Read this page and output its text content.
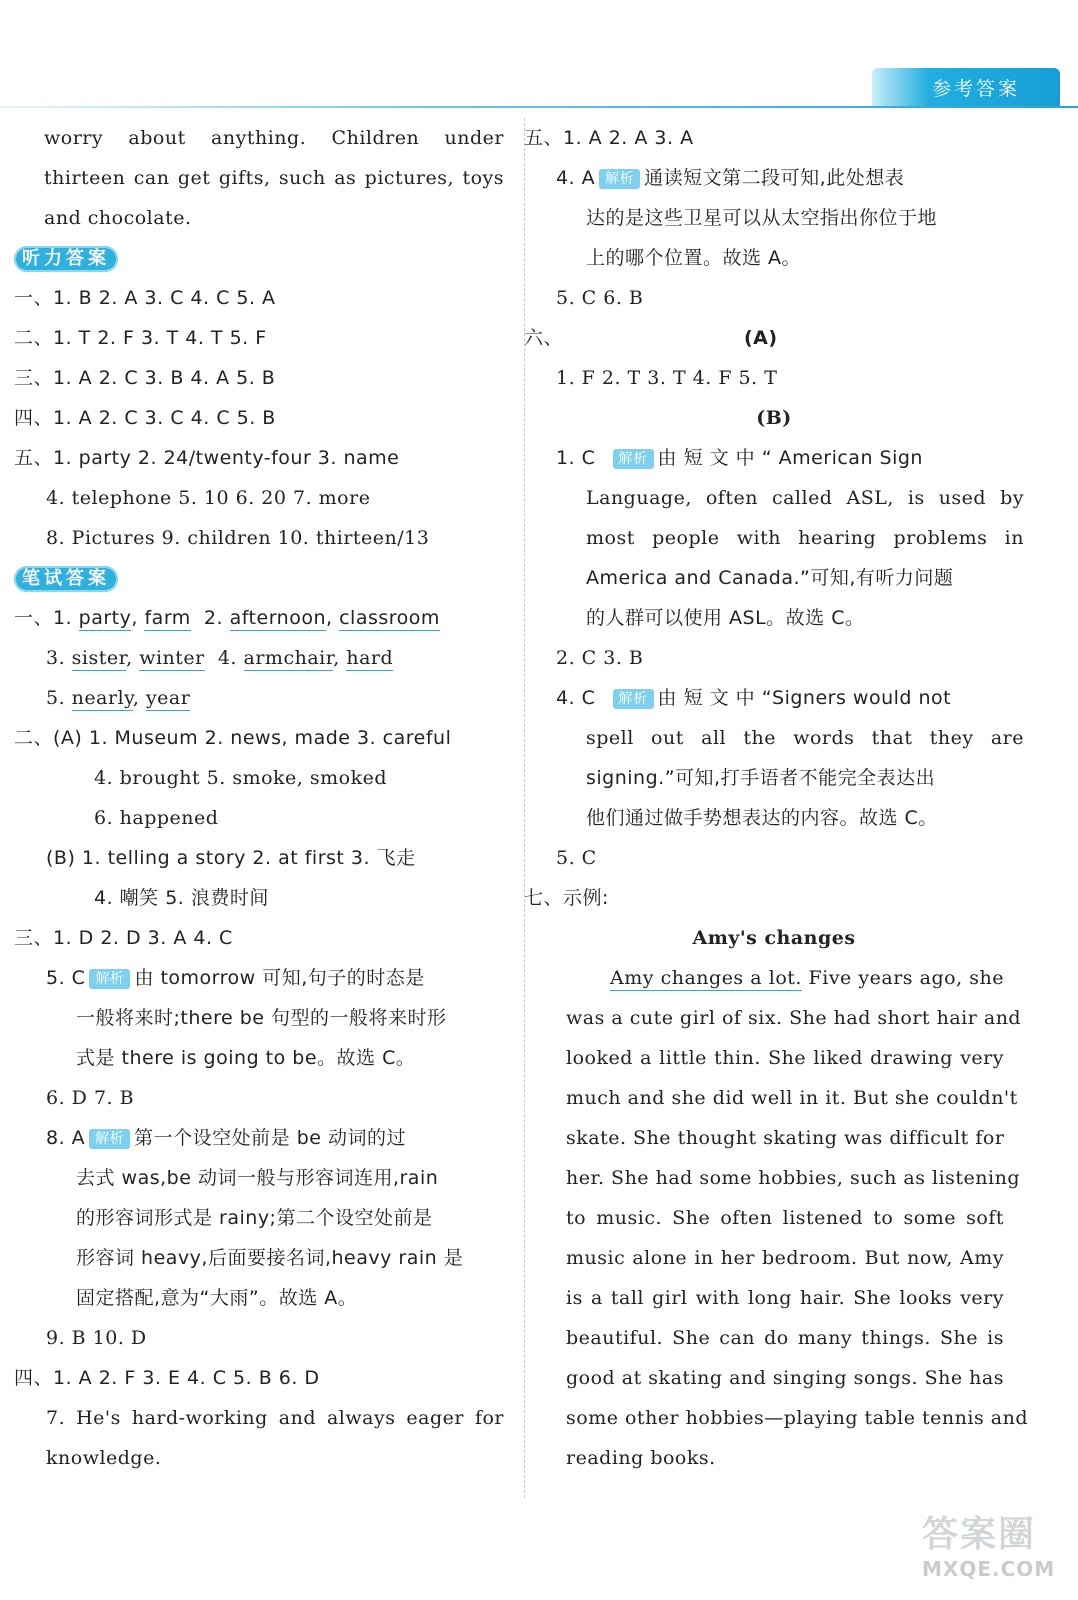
参考答案
worry about anything. Children under
thirteen can get gifts, such as pictures, toys
and chocolate.
听力答案
一、1. B 2. A 3. C 4. C 5. A
二、1. T 2. F 3. T 4. T 5. F
三、1. A 2. C 3. B 4. A 5. B
四、1. A 2. C 3. C 4. C 5. B
五、1. party 2. 24/twenty-four 3. name
4. telephone 5. 10 6. 20 7. more
8. Pictures 9. children 10. thirteen/13
笔试答案
一、1. party, farm  2. afternoon, classroom
3. sister, winter  4. armchair, hard
5. nearly, year
二、(A) 1. Museum 2. news, made 3. careful
4. brought 5. smoke, smoked
6. happened
(B) 1. telling a story 2. at first 3. 飞走
4. 嘲笑 5. 浪费时间
三、1. D 2. D 3. A 4. C
5. C 解析 由 tomorrow 可知,句子的时态是
一般将来时;there be 句型的一般将来时形
式是 there is going to be。故选 C。
6. D 7. B
8. A 解析 第一个设空处前是 be 动词的过
去式 was,be 动词一般与形容词连用,rain
的形容词形式是 rainy;第二个设空处前是
形容词 heavy,后面要接名词,heavy rain 是
固定搭配,意为“大雨”。故选 A。
9. B 10. D
四、1. A 2. F 3. E 4. C 5. B 6. D
7. He's hard-working and always eager for
knowledge.
五、1. A 2. A 3. A
4. A 解析 通读短文第二段可知,此处想表
达的是这些卫星可以从太空指出你位于地
上的哪个位置。故选 A。
5. C 6. B
六、	(A)
1. F 2. T 3. T 4. F 5. T
(B)
1. C 解析 由 短 文 中 “ American Sign
Language, often called ASL, is used by
most people with hearing problems in
America and Canada.”可知,有听力问题
的人群可以使用 ASL。故选 C。
2. C 3. B
4. C 解析 由 短 文 中 “Signers would not
spell out all the words that they are
signing.”可知,打手语者不能完全表达出
他们通过做手势想表达的内容。故选 C。
5. C
七、示例:
Amy's changes
Amy changes a lot. Five years ago, she
was a cute girl of six. She had short hair and
looked a little thin. She liked drawing very
much and she did well in it. But she couldn't
skate. She thought skating was difficult for
her. She had some hobbies, such as listening
to music. She often listened to some soft
music alone in her bedroom. But now, Amy
is a tall girl with long hair. She looks very
beautiful. She can do many things. She is
good at skating and singing songs. She has
some other hobbies—playing table tennis and
reading books.
答案圈
MXQE.COM
